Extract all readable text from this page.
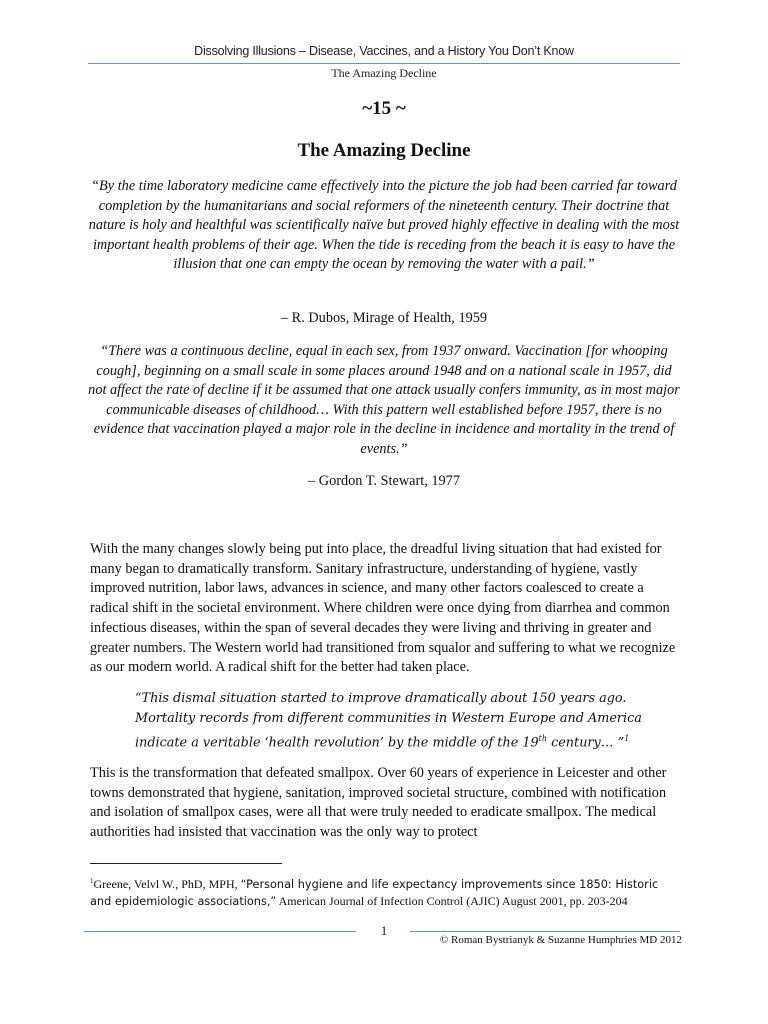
Dissolving Illusions – Disease, Vaccines, and a History You Don’t Know
The Amazing Decline
~15 ~
The Amazing Decline
“By the time laboratory medicine came effectively into the picture the job had been carried far toward completion by the humanitarians and social reformers of the nineteenth century. Their doctrine that nature is holy and healthful was scientifically naïve but proved highly effective in dealing with the most important health problems of their age. When the tide is receding from the beach it is easy to have the illusion that one can empty the ocean by removing the water with a pail.”
– R. Dubos, Mirage of Health, 1959
“There was a continuous decline, equal in each sex, from 1937 onward. Vaccination [for whooping cough], beginning on a small scale in some places around 1948 and on a national scale in 1957, did not affect the rate of decline if it be assumed that one attack usually confers immunity, as in most major communicable diseases of childhood… With this pattern well established before 1957, there is no evidence that vaccination played a major role in the decline in incidence and mortality in the trend of events.”
– Gordon T. Stewart, 1977
With the many changes slowly being put into place, the dreadful living situation that had existed for many began to dramatically transform. Sanitary infrastructure, understanding of hygiene, vastly improved nutrition, labor laws, advances in science, and many other factors coalesced to create a radical shift in the societal environment. Where children were once dying from diarrhea and common infectious diseases, within the span of several decades they were living and thriving in greater and greater numbers. The Western world had transitioned from squalor and suffering to what we recognize as our modern world. A radical shift for the better had taken place.
“This dismal situation started to improve dramatically about 150 years ago. Mortality records from different communities in Western Europe and America indicate a veritable ‘health revolution’ by the middle of the 19th century… ”$^1$
This is the transformation that defeated smallpox. Over 60 years of experience in Leicester and other towns demonstrated that hygiene, sanitation, improved societal structure, combined with notification and isolation of smallpox cases, were all that were truly needed to eradicate smallpox. The medical authorities had insisted that vaccination was the only way to protect
$^1$Greene, Velvl W., PhD, MPH, “Personal hygiene and life expectancy improvements since 1850: Historic and epidemiologic associations,” American Journal of Infection Control (AJIC) August 2001, pp. 203-204
1
© Roman Bystrianyk & Suzanne Humphries MD 2012
